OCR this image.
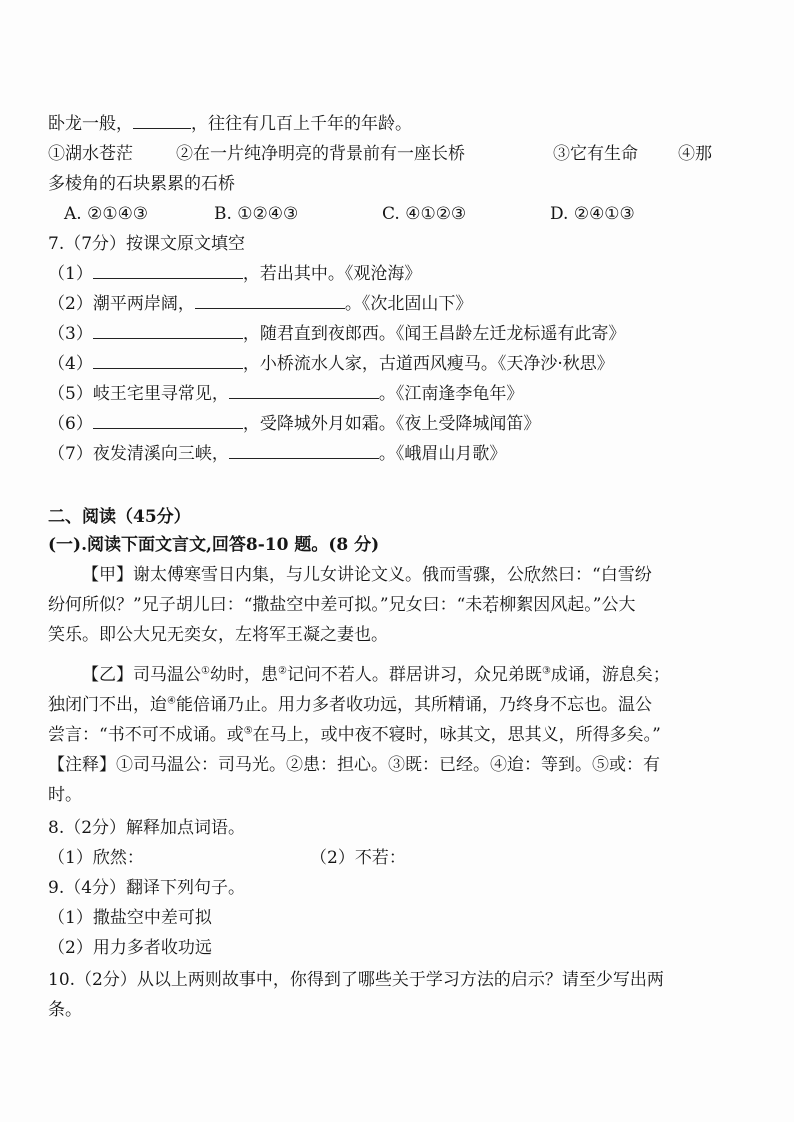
卧龙一般，	，往往有几百上千年的年龄。
①湖水苍茫	②在一片纯净明亮的背景前有一座长桥	③它有生命 ④那
多棱角的石块累累的石桥
A. ②①④③	B. ①②④③	C. ④①②③	D. ②④①③
7.（7分）按课文原文填空
（1）	，若出其中。《观沧海》
（2）潮平两岸阔，	。《次北固山下》
（3）	，随君直到夜郎西。《闻王昌龄左迁龙标遥有此寄》
（4）	，小桥流水人家，古道西风瘦马。《天净沙·秋思》
（5）岐王宅里寻常见，	。《江南逢李龟年》
（6）	，受降城外月如霜。《夜上受降城闻笛》
（7）夜发清溪向三峡，	。《峨眉山月歌》
二、阅读（45分）
(一).阅读下面文言文,回答8-10 题。(8 分)
【甲】谢太傅寒雪日内集，与儿女讲论文义。俄而雪骤，公欣然曰：“白雪纷
纷何所似？”兄子胡儿曰：“撒盐空中差可拟。”兄女曰：“未若柳絮因风起。”公大
笑乐。即公大兄无奕女，左将军王凝之妻也。
【乙】司马温公①幼时，患②记问不若人。群居讲习，众兄弟既③成诵，游息矣；
独闭门不出，迨④能倍诵乃止。用力多者收功远，其所精诵，乃终身不忘也。温公
尝言：“书不可不成诵。或⑤在马上，或中夜不寝时，咏其文，思其义，所得多矣。”
【注释】①司马温公：司马光。②患：担心。③既：已经。④迨：等到。⑤或：有
时。
8.（2分）解释加点词语。
（1）欣然：	（2）不若：
9.（4分）翻译下列句子。
（1）撒盐空中差可拟
（2）用力多者收功远
10.（2分）从以上两则故事中，你得到了哪些关于学习方法的启示？请至少写出两
条。
